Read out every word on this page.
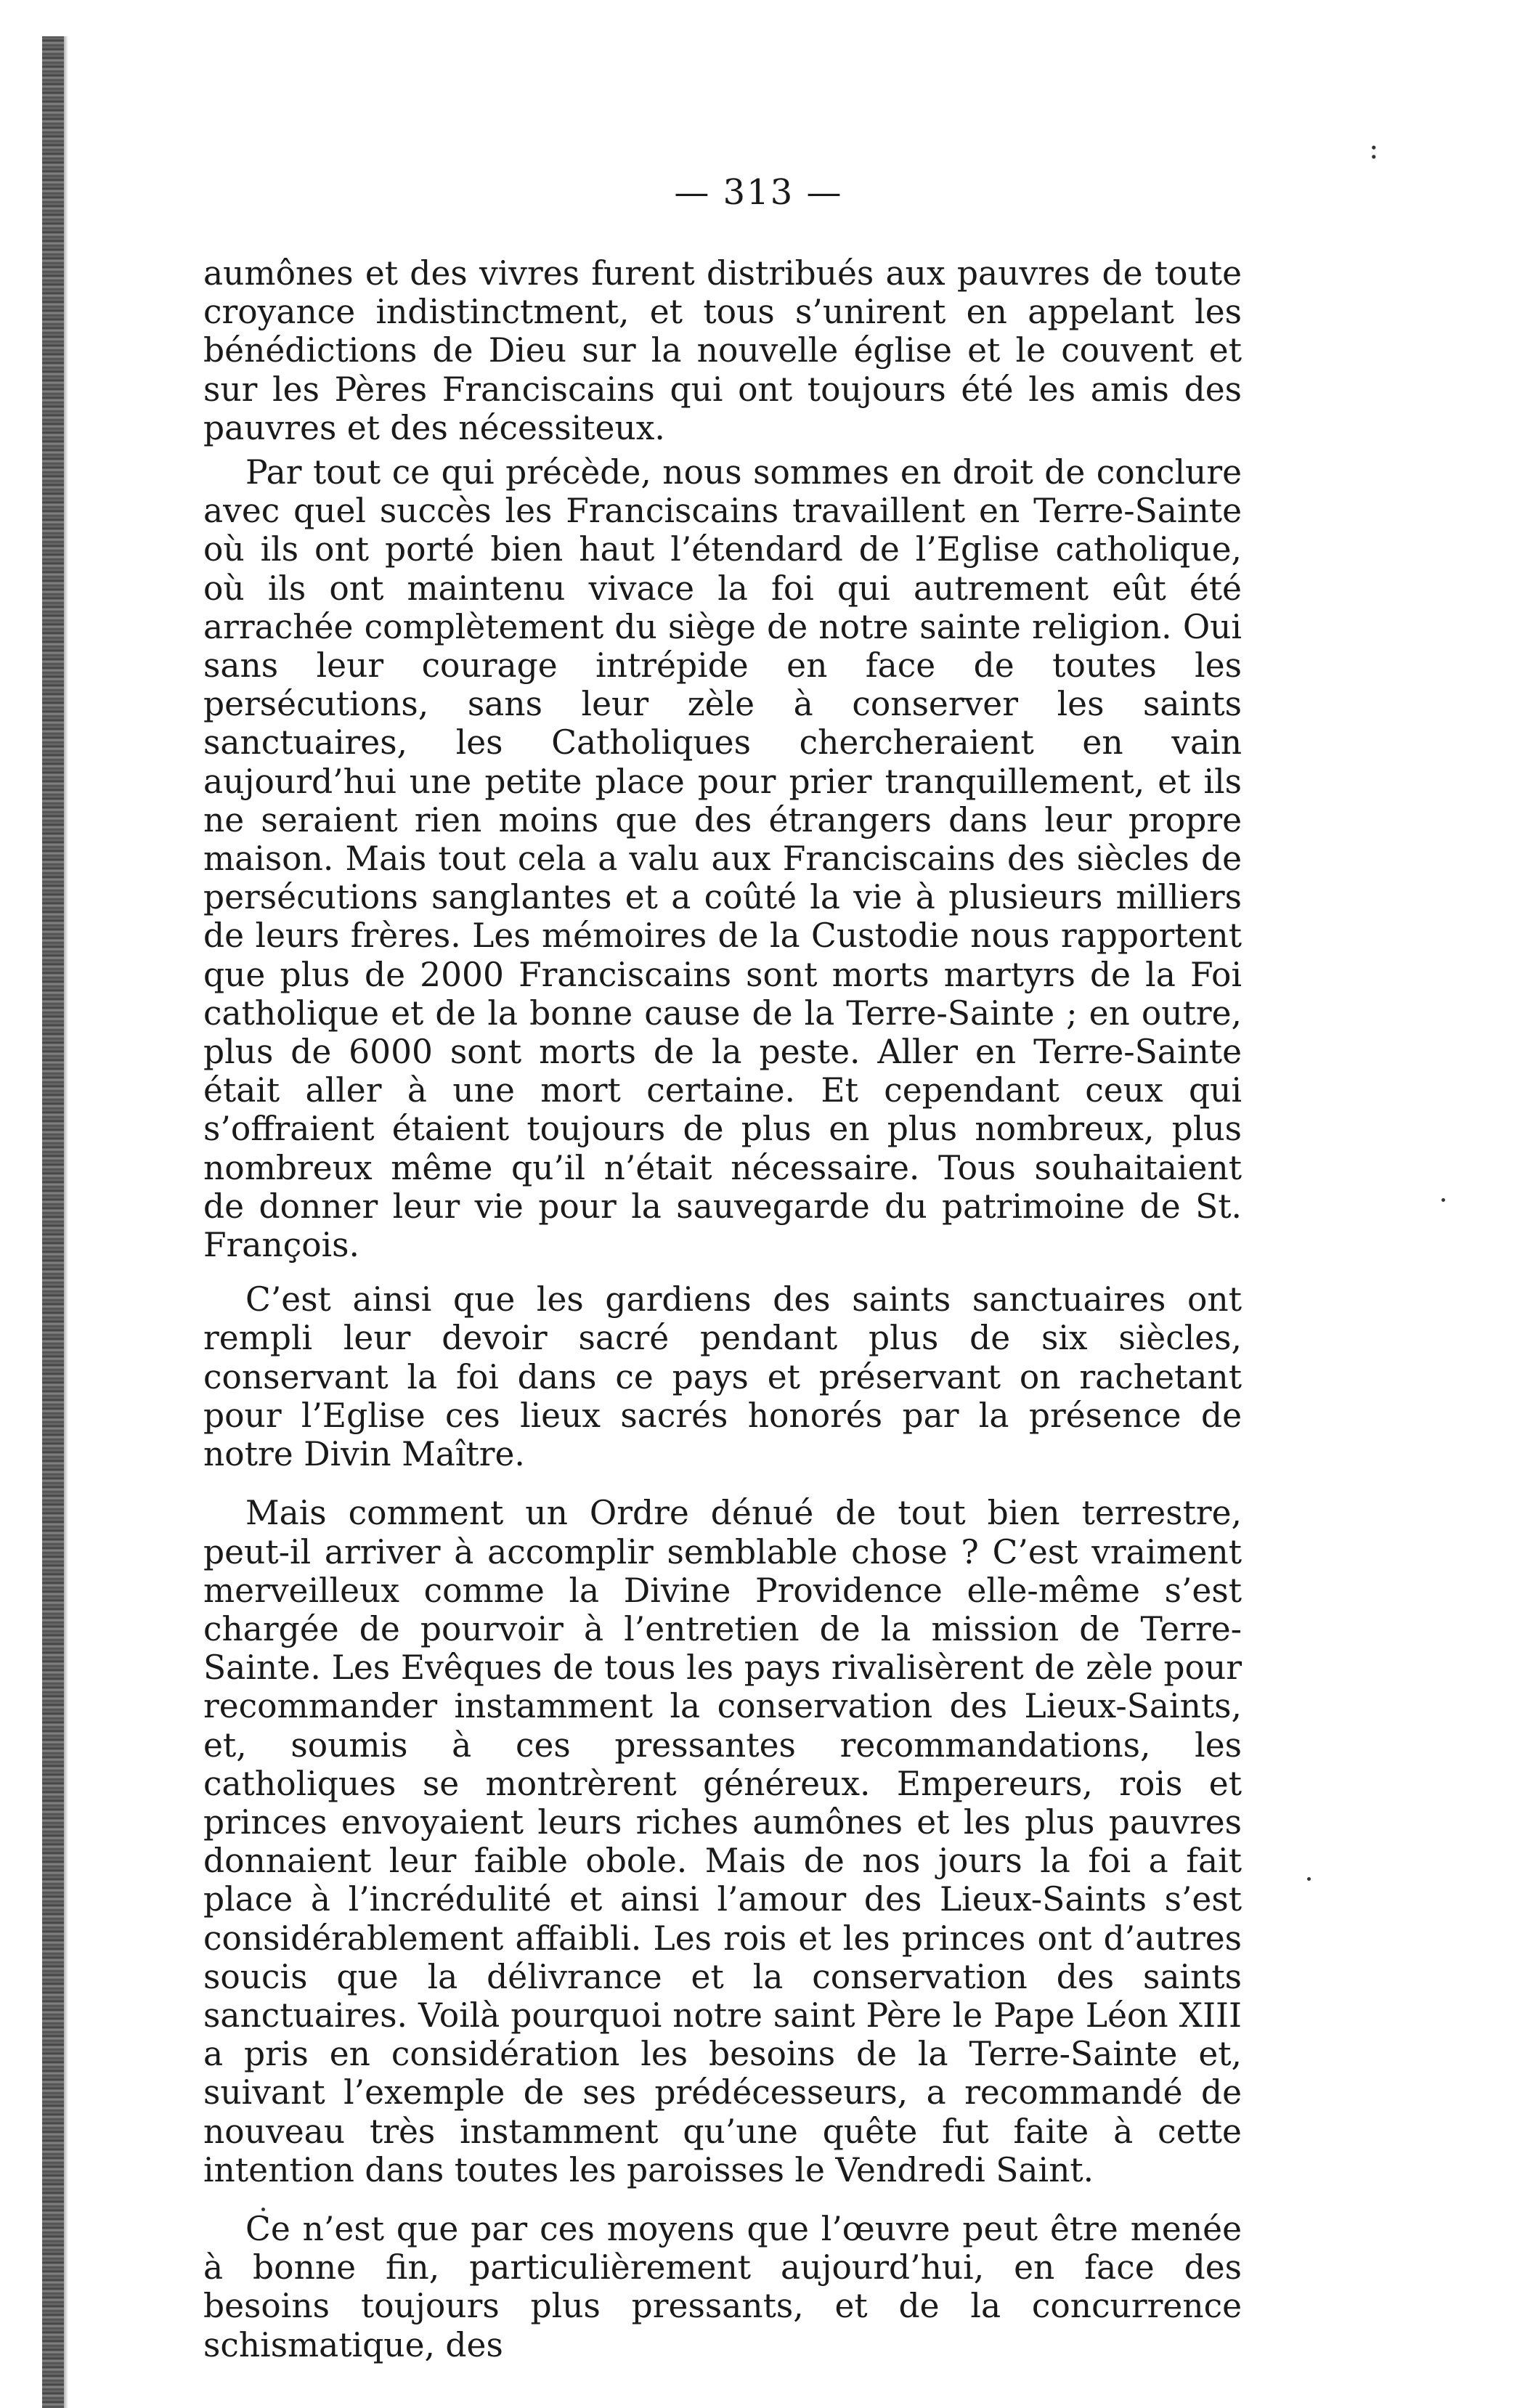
:
— 313 —

aumônes et des vivres furent distribués aux pauvres de toute croyance indistinctment, et tous s’unirent en appelant les bénédictions de Dieu sur la nouvelle église et le couvent et sur les Pères Franciscains qui ont toujours été les amis des pauvres et des nécessiteux.

Par tout ce qui précède, nous sommes en droit de conclure avec quel succès les Franciscains travaillent en Terre-Sainte où ils ont porté bien haut l’étendard de l’Eglise catholique, où ils ont maintenu vivace la foi qui autrement eût été arrachée complètement du siège de notre sainte religion. Oui sans leur courage intrépide en face de toutes les persécutions, sans leur zèle à conserver les saints sanctuaires, les Catholiques chercheraient en vain aujourd’hui une petite place pour prier tranquillement, et ils ne seraient rien moins que des étrangers dans leur propre maison. Mais tout cela a valu aux Franciscains des siècles de persécutions sanglantes et a coûté la vie à plusieurs milliers de leurs frères. Les mémoires de la Custodie nous rapportent que plus de 2000 Franciscains sont morts martyrs de la Foi catholique et de la bonne cause de la Terre-Sainte ; en outre, plus de 6000 sont morts de la peste. Aller en Terre-Sainte était aller à une mort certaine. Et cependant ceux qui s’offraient étaient toujours de plus en plus nombreux, plus nombreux même qu’il n’était nécessaire. Tous souhaitaient de donner leur vie pour la sauvegarde du patrimoine de St. François.

C’est ainsi que les gardiens des saints sanctuaires ont rempli leur devoir sacré pendant plus de six siècles, conservant la foi dans ce pays et préservant on rachetant pour l’Eglise ces lieux sacrés honorés par la présence de notre Divin Maître.

Mais comment un Ordre dénué de tout bien terrestre, peut-il arriver à accomplir semblable chose ? C’est vraiment merveilleux comme la Divine Providence elle-même s’est chargée de pourvoir à l’entretien de la mission de Terre-Sainte. Les Evêques de tous les pays rivalisèrent de zèle pour recommander instamment la conservation des Lieux-Saints, et, soumis à ces pressantes recommandations, les catholiques se montrèrent généreux. Empereurs, rois et princes envoyaient leurs riches aumônes et les plus pauvres donnaient leur faible obole. Mais de nos jours la foi a fait place à l’incrédulité et ainsi l’amour des Lieux-Saints s’est considérablement affaibli. Les rois et les princes ont d’autres soucis que la délivrance et la conservation des saints sanctuaires. Voilà pourquoi notre saint Père le Pape Léon XIII a pris en considération les besoins de la Terre-Sainte et, suivant l’exemple de ses prédécesseurs, a recommandé de nouveau très instamment qu’une quête fut faite à cette intention dans toutes les paroisses le Vendredi Saint.

Ce n’est que par ces moyens que l’œuvre peut être menée à bonne fin, particulièrement aujourd’hui, en face des besoins toujours plus pressants, et de la concurrence schismatique, des
